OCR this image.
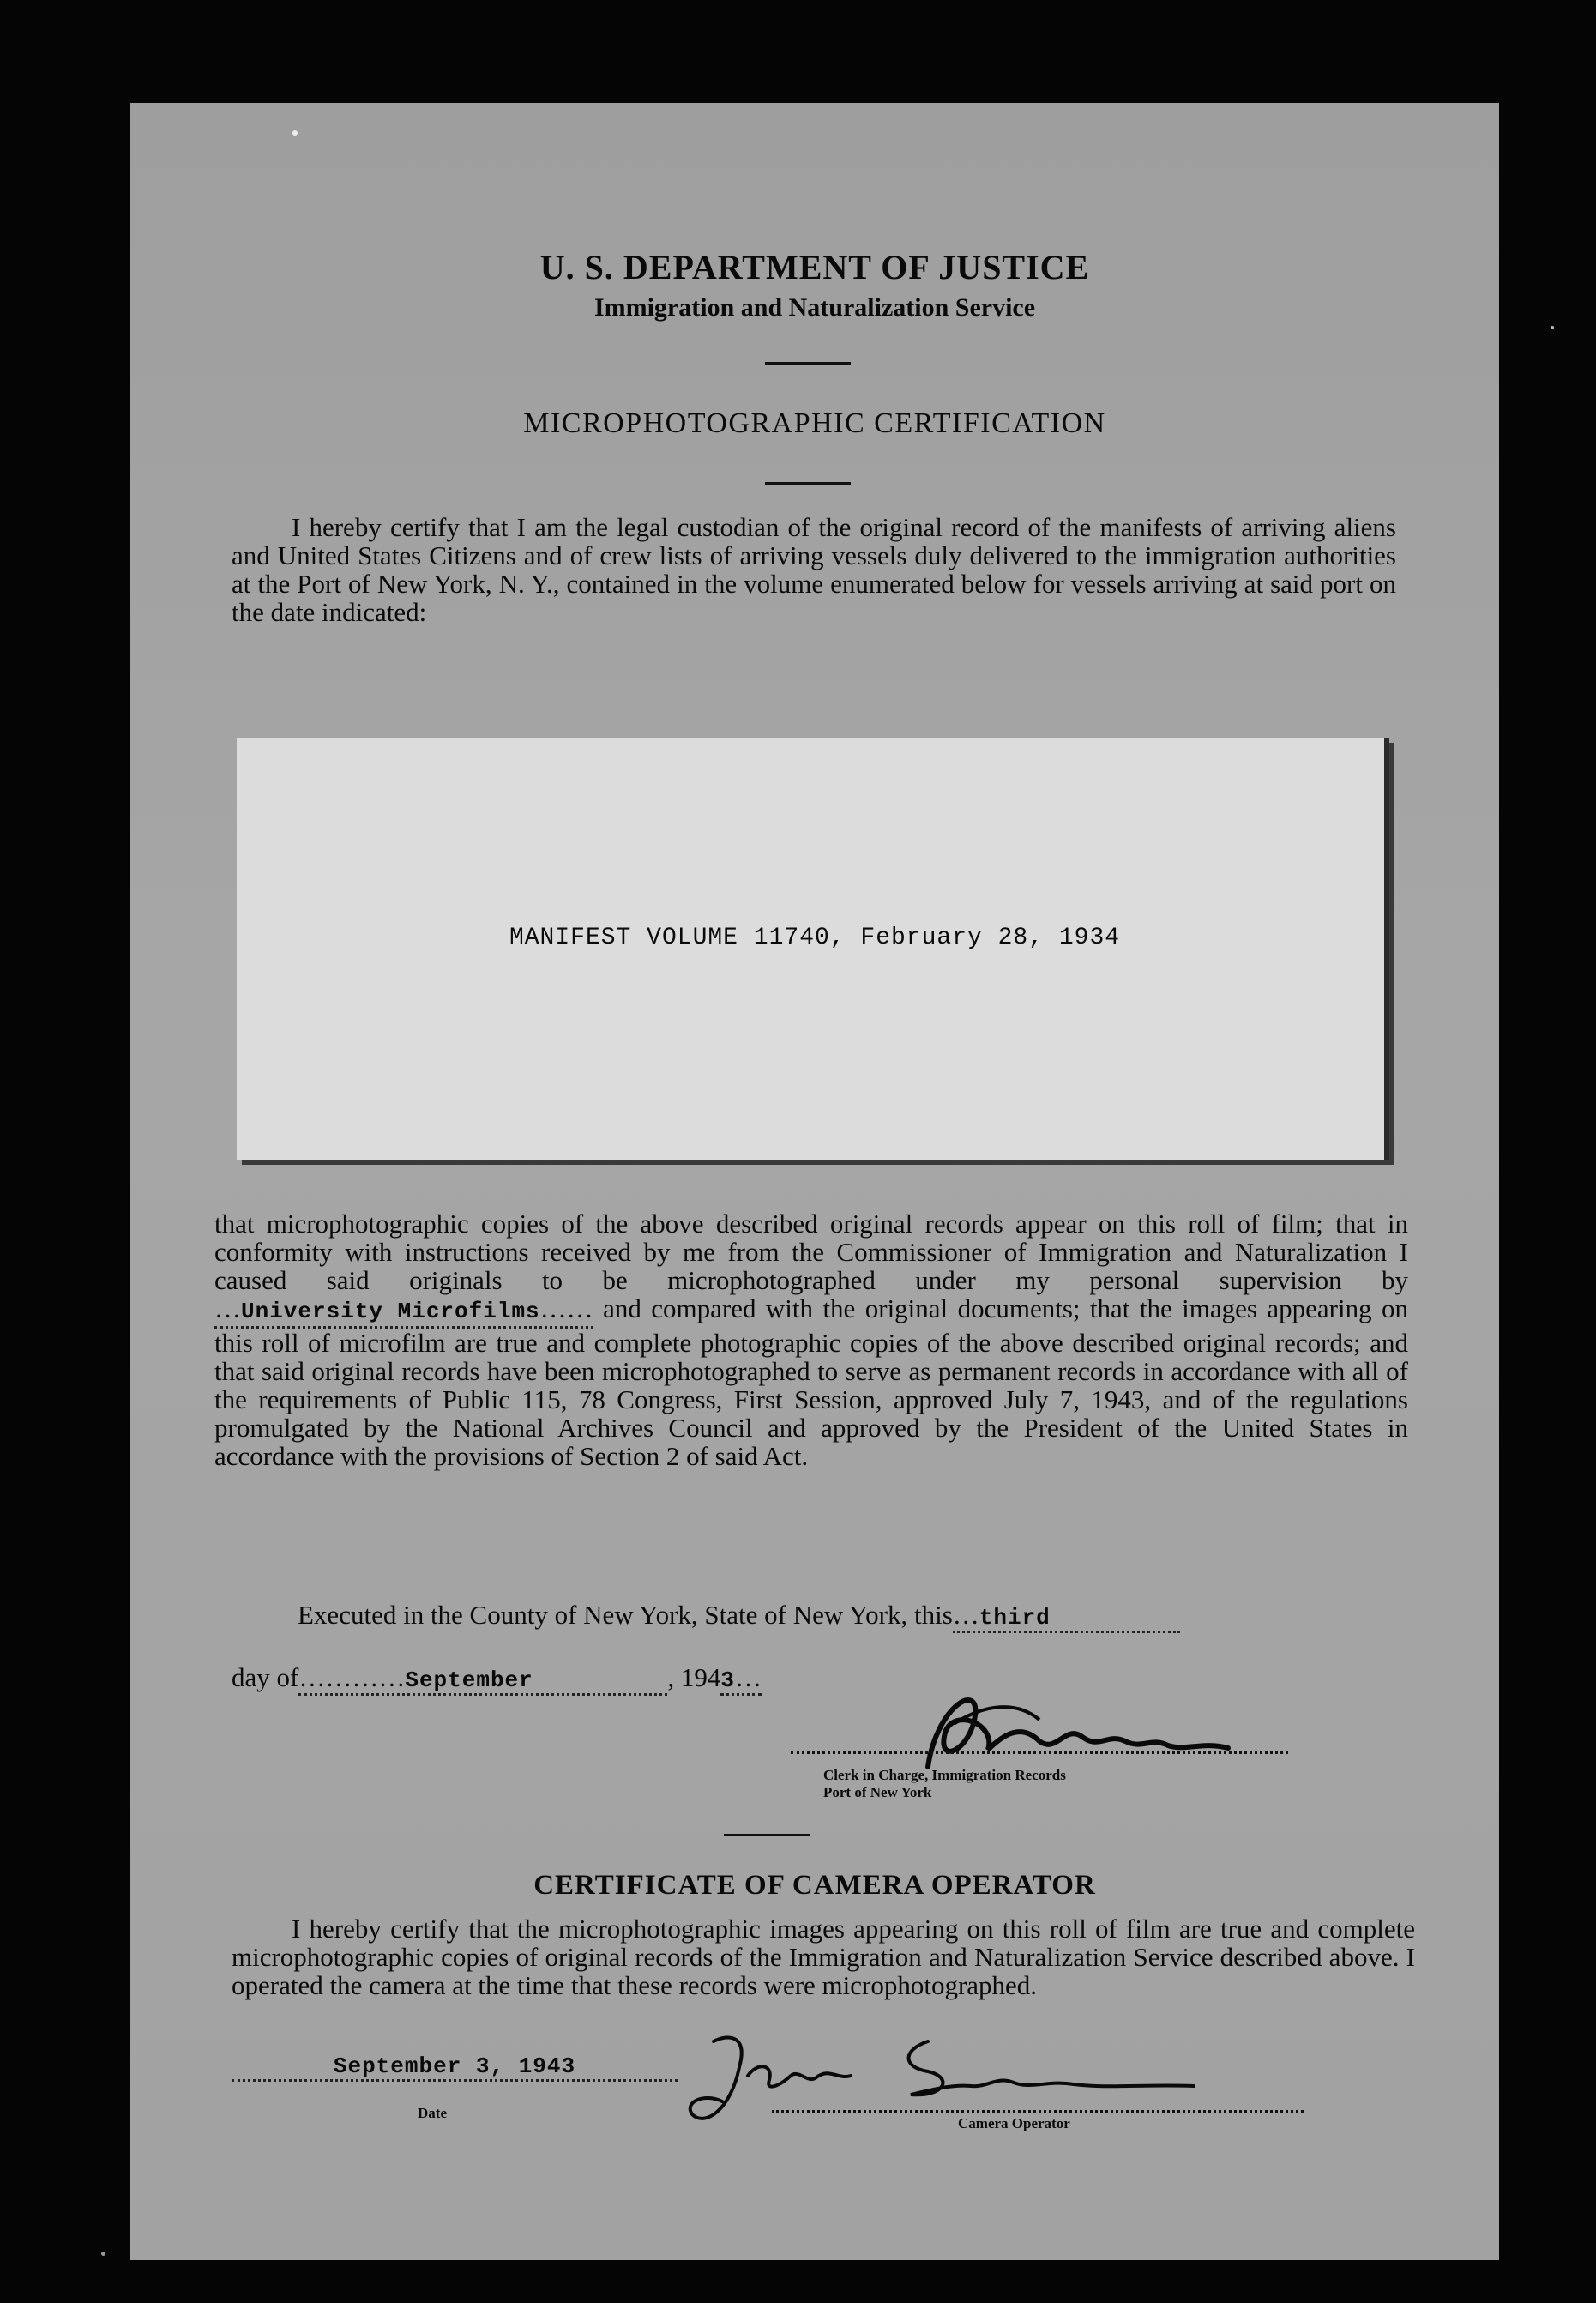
U. S. DEPARTMENT OF JUSTICE
Immigration and Naturalization Service
MICROPHOTOGRAPHIC CERTIFICATION

I hereby certify that I am the legal custodian of the original record of the manifests of arriving aliens and United States Citizens and of crew lists of arriving vessels duly delivered to the immigration authorities at the Port of New York, N. Y., contained in the volume enumerated below for vessels arriving at said port on the date indicated:

MANIFEST VOLUME 11740, February 28, 1934

that microphotographic copies of the above described original records appear on this roll of film; that in conformity with instructions received by me from the Commissioner of Immigration and Naturalization I caused said originals to be microphotographed under my personal supervision by…University Microfilms…… and compared with the original documents; that the images appearing on this roll of microfilm are true and complete photographic copies of the above described original records; and that said original records have been microphotographed to serve as permanent records in accordance with all of the requirements of Public 115, 78 Congress, First Session, approved July 7, 1943, and of the regulations promulgated by the National Archives Council and approved by the President of the United States in accordance with the provisions of Section 2 of said Act.

Executed in the County of New York, State of New York, this…third
day of…………September	, 1943…
Clerk in Charge, Immigration Records
Port of New York
CERTIFICATE OF CAMERA OPERATOR

I hereby certify that the microphotographic images appearing on this roll of film are true and complete microphotographic copies of original records of the Immigration and Naturalization Service described above. I operated the camera at the time that these records were microphotographed.

September 3, 1943
Date
Camera Operator
